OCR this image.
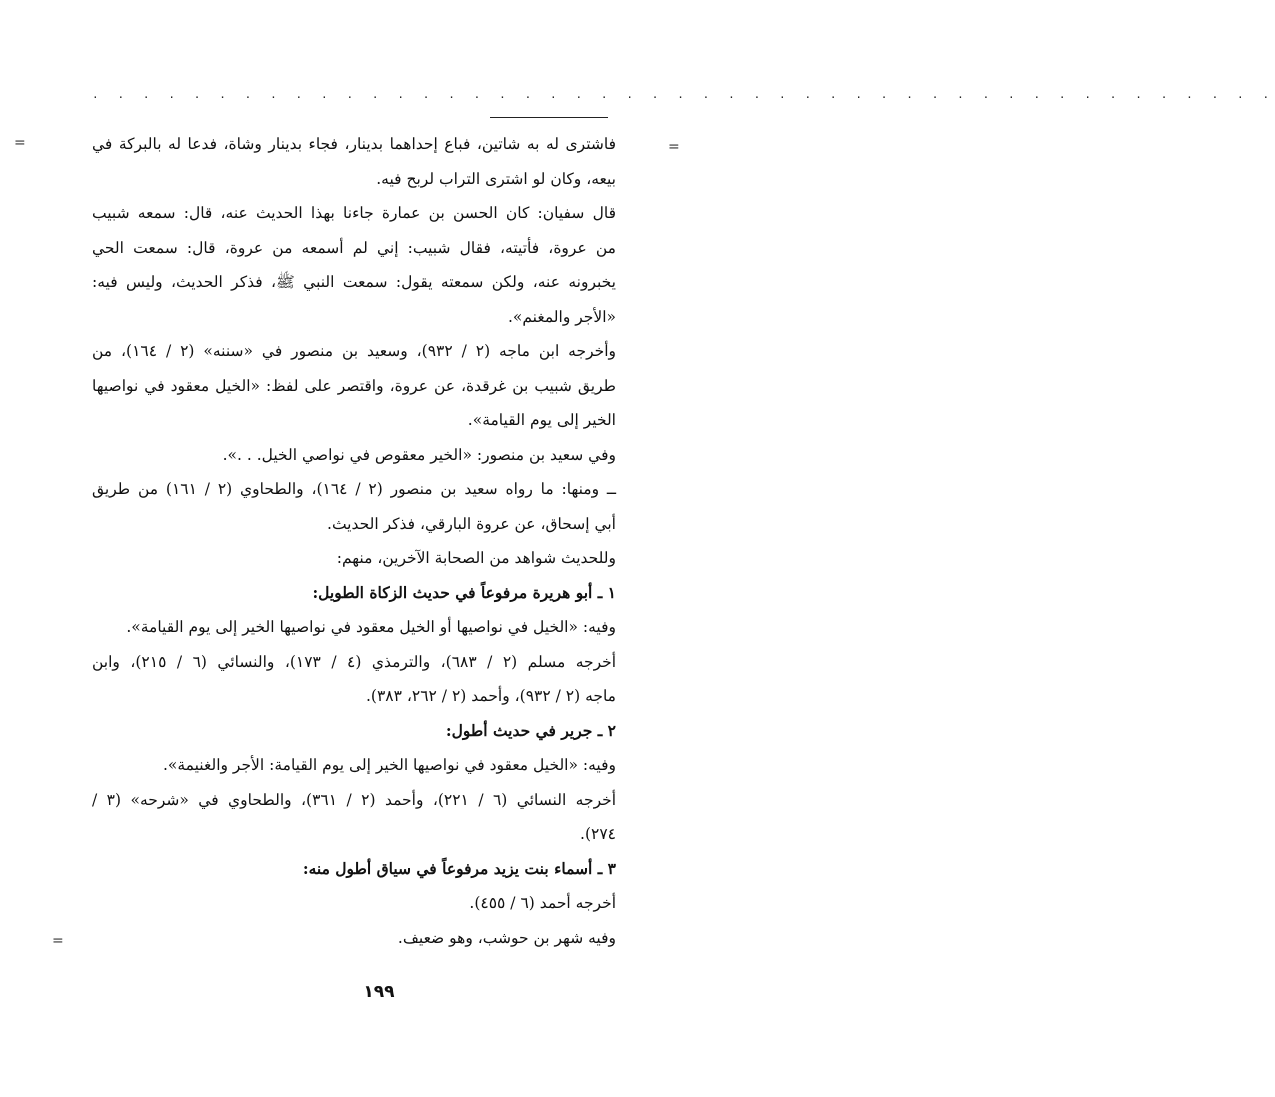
. . . . . . . . . . . . . . . . . . . . . . . . . . . . . . . . . . . . . . . . . . . . . . .
=	=
=
فاشترى له به شاتين، فباع إحداهما بدينار، فجاء بدينار وشاة، فدعا له بالبركة في
بيعه، وكان لو اشترى التراب لربح فيه.
قال سفيان: كان الحسن بن عمارة جاءنا بهذا الحديث عنه، قال: سمعه شبيب
من عروة، فأتيته، فقال شبيب: إني لم أسمعه من عروة، قال: سمعت الحي
يخبرونه عنه، ولكن سمعته يقول: سمعت النبي ﷺ، فذكر الحديث، وليس فيه:
«الأجر والمغنم».
وأخرجه ابن ماجه (٢ / ٩٣٢)، وسعيد بن منصور في «سننه» (٢ / ١٦٤)، من
طريق شبيب بن غرقدة، عن عروة، واقتصر على لفظ: «الخيل معقود في نواصيها
الخير إلى يوم القيامة».
وفي سعيد بن منصور: «الخير معقوص في نواصي الخيل. . .».
ــ ومنها: ما رواه سعيد بن منصور (٢ / ١٦٤)، والطحاوي (٢ / ١٦١) من طريق
أبي إسحاق، عن عروة البارقي، فذكر الحديث.
وللحديث شواهد من الصحابة الآخرين، منهم:
١ ـ أبو هريرة مرفوعاً في حديث الزكاة الطويل:
وفيه: «الخيل في نواصيها أو الخيل معقود في نواصيها الخير إلى يوم القيامة».
أخرجه مسلم (٢ / ٦٨٣)، والترمذي (٤ / ١٧٣)، والنسائي (٦ / ٢١٥)، وابن
ماجه (٢ / ٩٣٢)، وأحمد (٢ / ٢٦٢، ٣٨٣).
٢ ـ جرير في حديث أطول:
وفيه: «الخيل معقود في نواصيها الخير إلى يوم القيامة: الأجر والغنيمة».
أخرجه النسائي (٦ / ٢٢١)، وأحمد (٢ / ٣٦١)، والطحاوي في «شرحه» (٣ /
٢٧٤).
٣ ـ أسماء بنت يزيد مرفوعاً في سياق أطول منه:
أخرجه أحمد (٦ / ٤٥٥).
وفيه شهر بن حوشب، وهو ضعيف.
١٩٩
